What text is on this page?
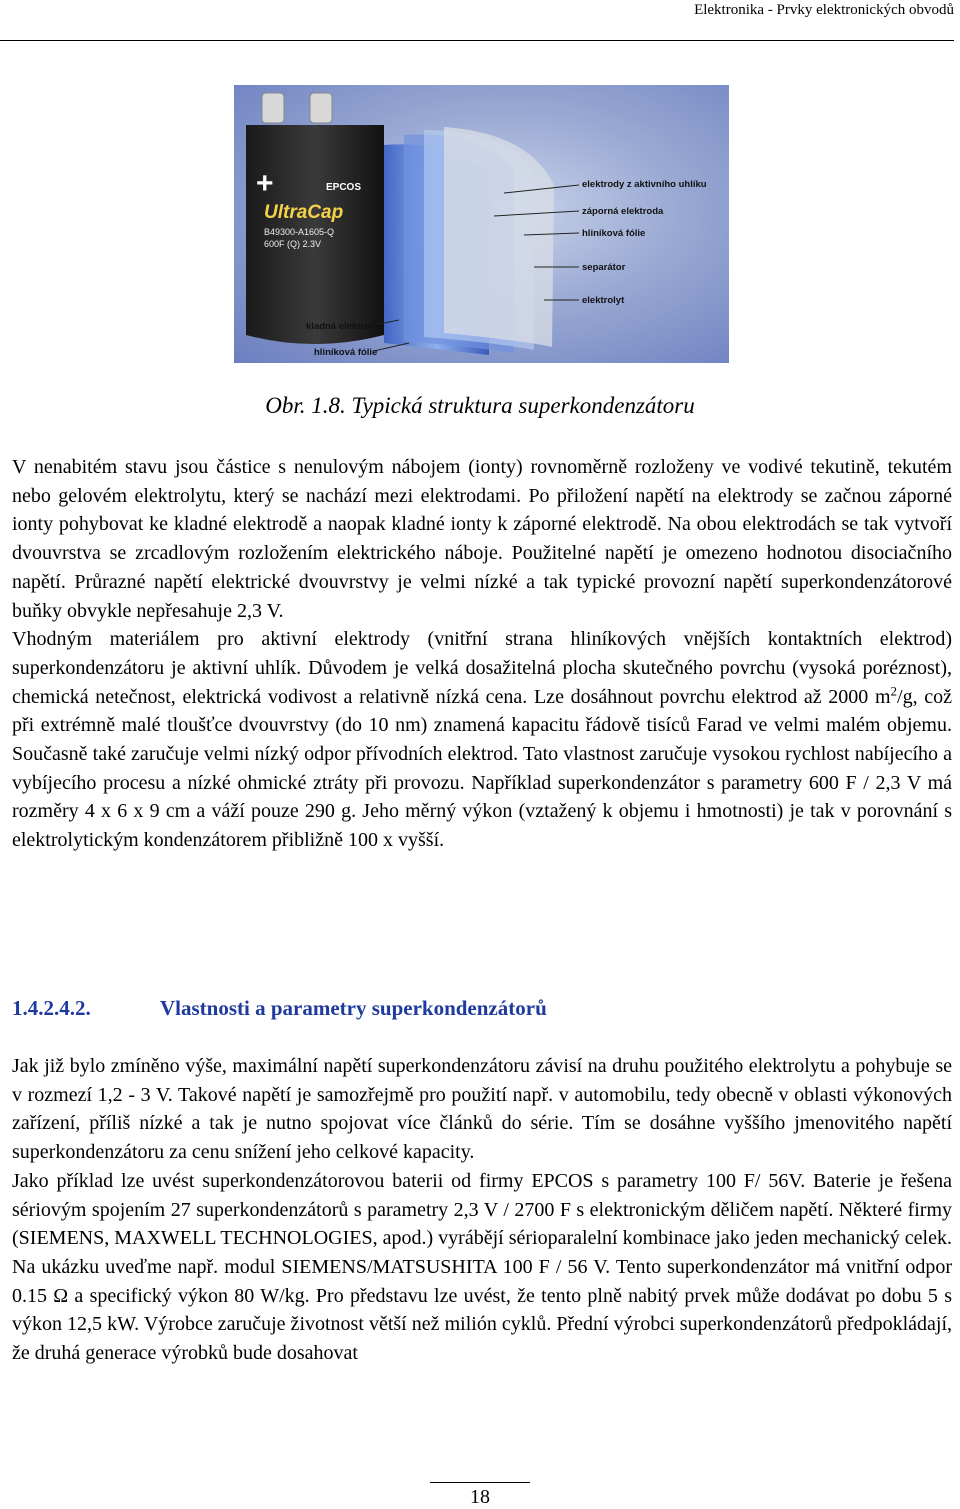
Elektronika - Prvky elektronických obvodů
+	EPCOS
UltraCap
B49300-A1605-Q
600F (Q) 2.3V
elektrody z aktivního uhlíku
záporná elektroda
hliníková fólie
separátor
elektrolyt
kladná elektroda
hliníková fólie
Obr. 1.8. Typická struktura superkondenzátoru

V nenabitém stavu jsou částice s nenulovým nábojem (ionty) rovnoměrně rozloženy ve vodivé tekutině, tekutém nebo gelovém elektrolytu, který se nachází mezi elektrodami. Po přiložení napětí na elektrody se začnou záporné ionty pohybovat ke kladné elektrodě a naopak kladné ionty k záporné elektrodě. Na obou elektrodách se tak vytvoří dvouvrstva se zrcadlovým rozložením elektrického náboje. Použitelné napětí je omezeno hodnotou disociačního napětí. Průrazné napětí elektrické dvouvrstvy je velmi nízké a tak typické provozní napětí superkondenzátorové buňky obvykle nepřesahuje 2,3 V.

Vhodným materiálem pro aktivní elektrody (vnitřní strana hliníkových vnějších kontaktních elektrod) superkondenzátoru je aktivní uhlík. Důvodem je velká dosažitelná plocha skutečného povrchu (vysoká poréznost), chemická netečnost, elektrická vodivost a relativně nízká cena. Lze dosáhnout povrchu elektrod až 2000 $m^2/g$, což při extrémně malé tloušťce dvouvrstvy (do 10 nm) znamená kapacitu řádově tisíců Farad ve velmi malém objemu. Současně také zaručuje velmi nízký odpor přívodních elektrod. Tato vlastnost zaručuje vysokou rychlost nabíjecího a vybíjecího procesu a nízké ohmické ztráty při provozu. Například superkondenzátor s parametry 600 F / 2,3 V má rozměry 4 x 6 x 9 cm a váží pouze 290 g. Jeho měrný výkon (vztažený k objemu i hmotnosti) je tak v porovnání s elektrolytickým kondenzátorem přibližně 100 x vyšší.

1.4.2.4.2.	Vlastnosti a parametry superkondenzátorů

Jak již bylo zmíněno výše, maximální napětí superkondenzátoru závisí na druhu použitého elektrolytu a pohybuje se v rozmezí 1,2 - 3 V. Takové napětí je samozřejmě pro použití např. v automobilu, tedy obecně v oblasti výkonových zařízení, příliš nízké a tak je nutno spojovat více článků do série. Tím se dosáhne vyššího jmenovitého napětí superkondenzátoru za cenu snížení jeho celkové kapacity.

Jako příklad lze uvést superkondenzátorovou baterii od firmy EPCOS s parametry 100 F/ 56V. Baterie je řešena sériovým spojením 27 superkondenzátorů s parametry 2,3 V / 2700 F s elektronickým děličem napětí. Některé firmy (SIEMENS, MAXWELL TECHNOLOGIES, apod.) vyrábějí sérioparalelní kombinace jako jeden mechanický celek. Na ukázku uveďme např. modul SIEMENS/MATSUSHITA 100 F / 56 V. Tento superkondenzátor má vnitřní odpor 0.15 Ω a specifický výkon 80 W/kg. Pro představu lze uvést, že tento plně nabitý prvek může dodávat po dobu 5 s výkon 12,5 kW. Výrobce zaručuje životnost větší než milión cyklů. Přední výrobci superkondenzátorů předpokládají, že druhá generace výrobků bude dosahovat

18
